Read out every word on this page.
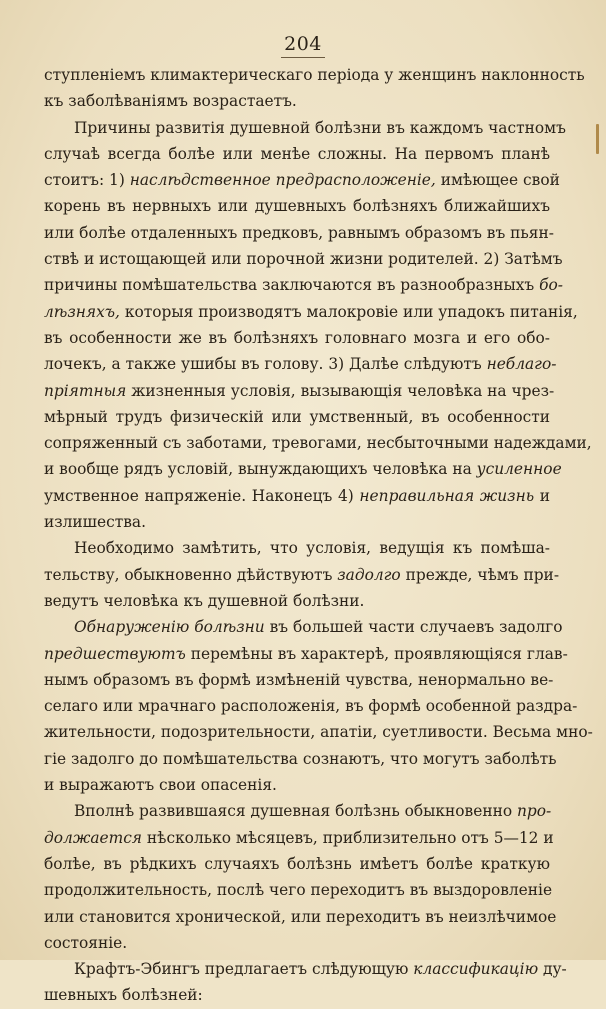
204
ступленіемъ климактерическаго періода у женщинъ наклонность
къ заболѣваніямъ возрастаетъ.
Причины развитія душевной болѣзни въ каждомъ частномъ
случаѣ всегда болѣе или менѣе сложны. На первомъ планѣ
стоитъ: 1) наслѣдственное предрасположеніе, имѣющее свой
корень въ нервныхъ или душевныхъ болѣзняхъ ближайшихъ
или болѣе отдаленныхъ предковъ, равнымъ образомъ въ пьян-
ствѣ и истощающей или порочной жизни родителей. 2) Затѣмъ
причины помѣшательства заключаются въ разнообразныхъ бо-
лѣзняхъ, которыя производятъ малокровіе или упадокъ питанія,
въ особенности же въ болѣзняхъ головнаго мозга и его обо-
лочекъ, а также ушибы въ голову. 3) Далѣе слѣдуютъ неблаго-
пріятныя жизненныя условія, вызывающія человѣка на чрез-
мѣрный трудъ физическій или умственный, въ особенности
сопряженный съ заботами, тревогами, несбыточными надеждами,
и вообще рядъ условій, вынуждающихъ человѣка на усиленное
умственное напряженіе. Наконецъ 4) неправильная жизнь и
излишества.
Необходимо замѣтить, что условія, ведущія къ помѣша-
тельству, обыкновенно дѣйствуютъ задолго прежде, чѣмъ при-
ведутъ человѣка къ душевной болѣзни.
Обнаруженію болѣзни въ большей части случаевъ задолго
предшествуютъ перемѣны въ характерѣ, проявляющіяся глав-
нымъ образомъ въ формѣ измѣненій чувства, ненормально ве-
селаго или мрачнаго расположенія, въ формѣ особенной раздра-
жительности, подозрительности, апатіи, суетливости. Весьма мно-
гіе задолго до помѣшательства сознаютъ, что могутъ заболѣть
и выражаютъ свои опасенія.
Вполнѣ развившаяся душевная болѣзнь обыкновенно про-
должается нѣсколько мѣсяцевъ, приблизительно отъ 5—12 и
болѣе, въ рѣдкихъ случаяхъ болѣзнь имѣетъ болѣе краткую
продолжительность, послѣ чего переходитъ въ выздоровленіе
или становится хронической, или переходитъ въ неизлѣчимое
состояніе.
Крафтъ-Эбингъ предлагаетъ слѣдующую классификацію ду-
шевныхъ болѣзней:
